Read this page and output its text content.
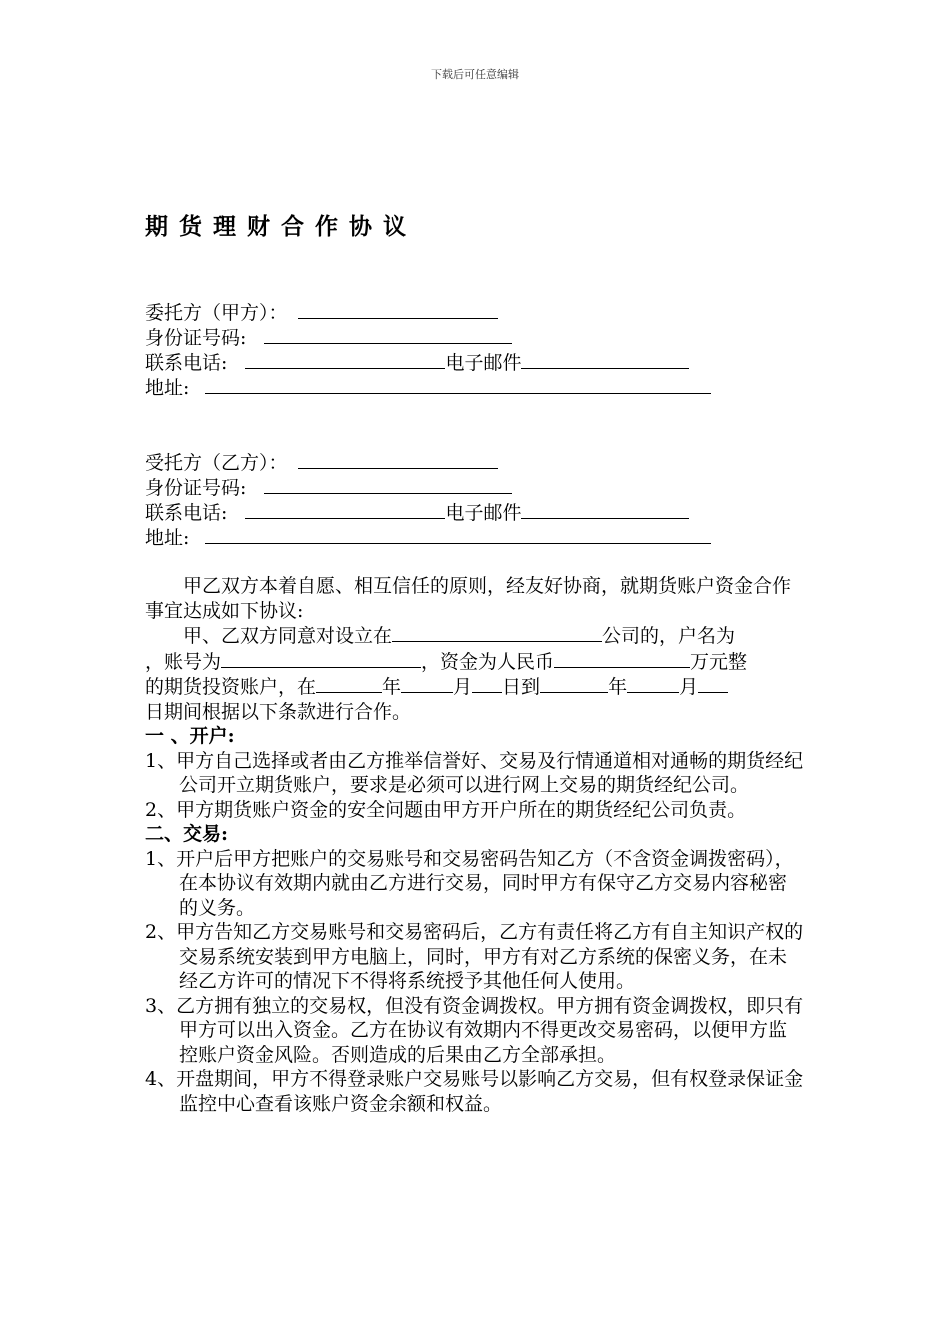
下载后可任意编辑
期货理财合作协议
委托方（甲方）：
身份证号码:
联系电话:	电子邮件
地址:
受托方（乙方）：
身份证号码:
联系电话:	电子邮件
地址:

甲乙双方本着自愿、相互信任的原则，经友好协商，就期货账户资金合作事宜达成如下协议:

甲、乙双方同意对设立在	公司的，户名为
，账号为	，资金为人民币	万元整
的期货投资账户，在	年	月 日到	年	月
日期间根据以下条款进行合作。

一 、开户:

1、甲方自己选择或者由乙方推举信誉好、交易及行情通道相对通畅的期货经纪公司开立期货账户，要求是必须可以进行网上交易的期货经纪公司。

2、甲方期货账户资金的安全问题由甲方开户所在的期货经纪公司负责。

二、交易:

1、开户后甲方把账户的交易账号和交易密码告知乙方（不含资金调拨密码），在本协议有效期内就由乙方进行交易，同时甲方有保守乙方交易内容秘密的义务。

2、甲方告知乙方交易账号和交易密码后，乙方有责任将乙方有自主知识产权的交易系统安装到甲方电脑上，同时，甲方有对乙方系统的保密义务，在未经乙方许可的情况下不得将系统授予其他任何人使用。

3、乙方拥有独立的交易权，但没有资金调拨权。甲方拥有资金调拨权，即只有甲方可以出入资金。乙方在协议有效期内不得更改交易密码，以便甲方监控账户资金风险。否则造成的后果由乙方全部承担。

4、开盘期间，甲方不得登录账户交易账号以影响乙方交易，但有权登录保证金监控中心查看该账户资金余额和权益。
